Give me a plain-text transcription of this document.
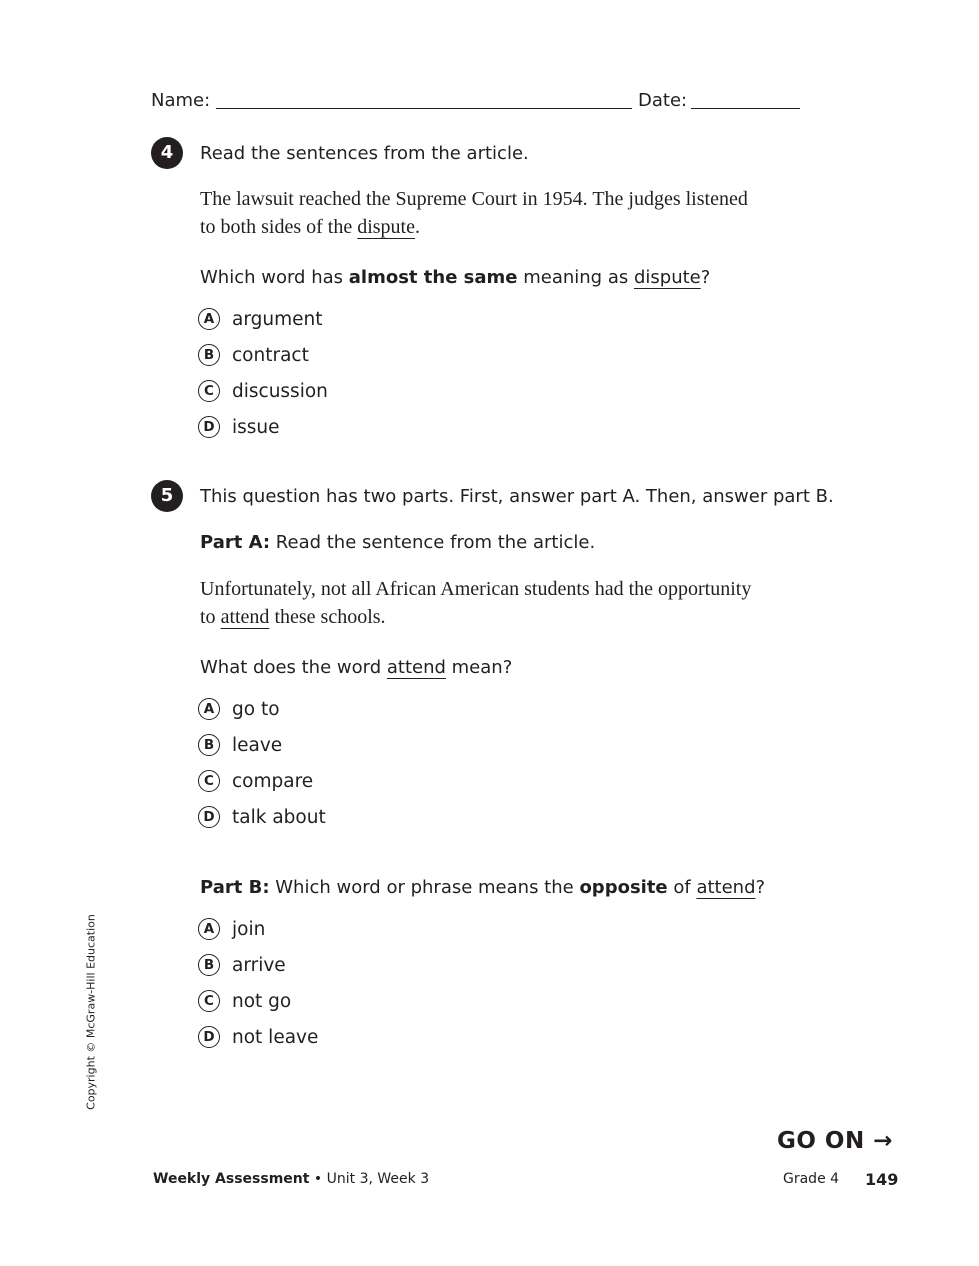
Name:	Date:
4	Read the sentences from the article.
The lawsuit reached the Supreme Court in 1954. The judges listened
to both sides of the dispute.
Which word has almost the same meaning as dispute?
A argument
B contract
C discussion
D issue
5	This question has two parts. First, answer part A. Then, answer part B.
Part A: Read the sentence from the article.
Unfortunately, not all African American students had the opportunity
to attend these schools.
What does the word attend mean?
A go to
B leave
C compare
D talk about
Part B: Which word or phrase means the opposite of attend?
A join
B arrive
C not go
D not leave
Copyright © McGraw-Hill Education
GO ON →
Weekly Assessment • Unit 3, Week 3	Grade 4 149
